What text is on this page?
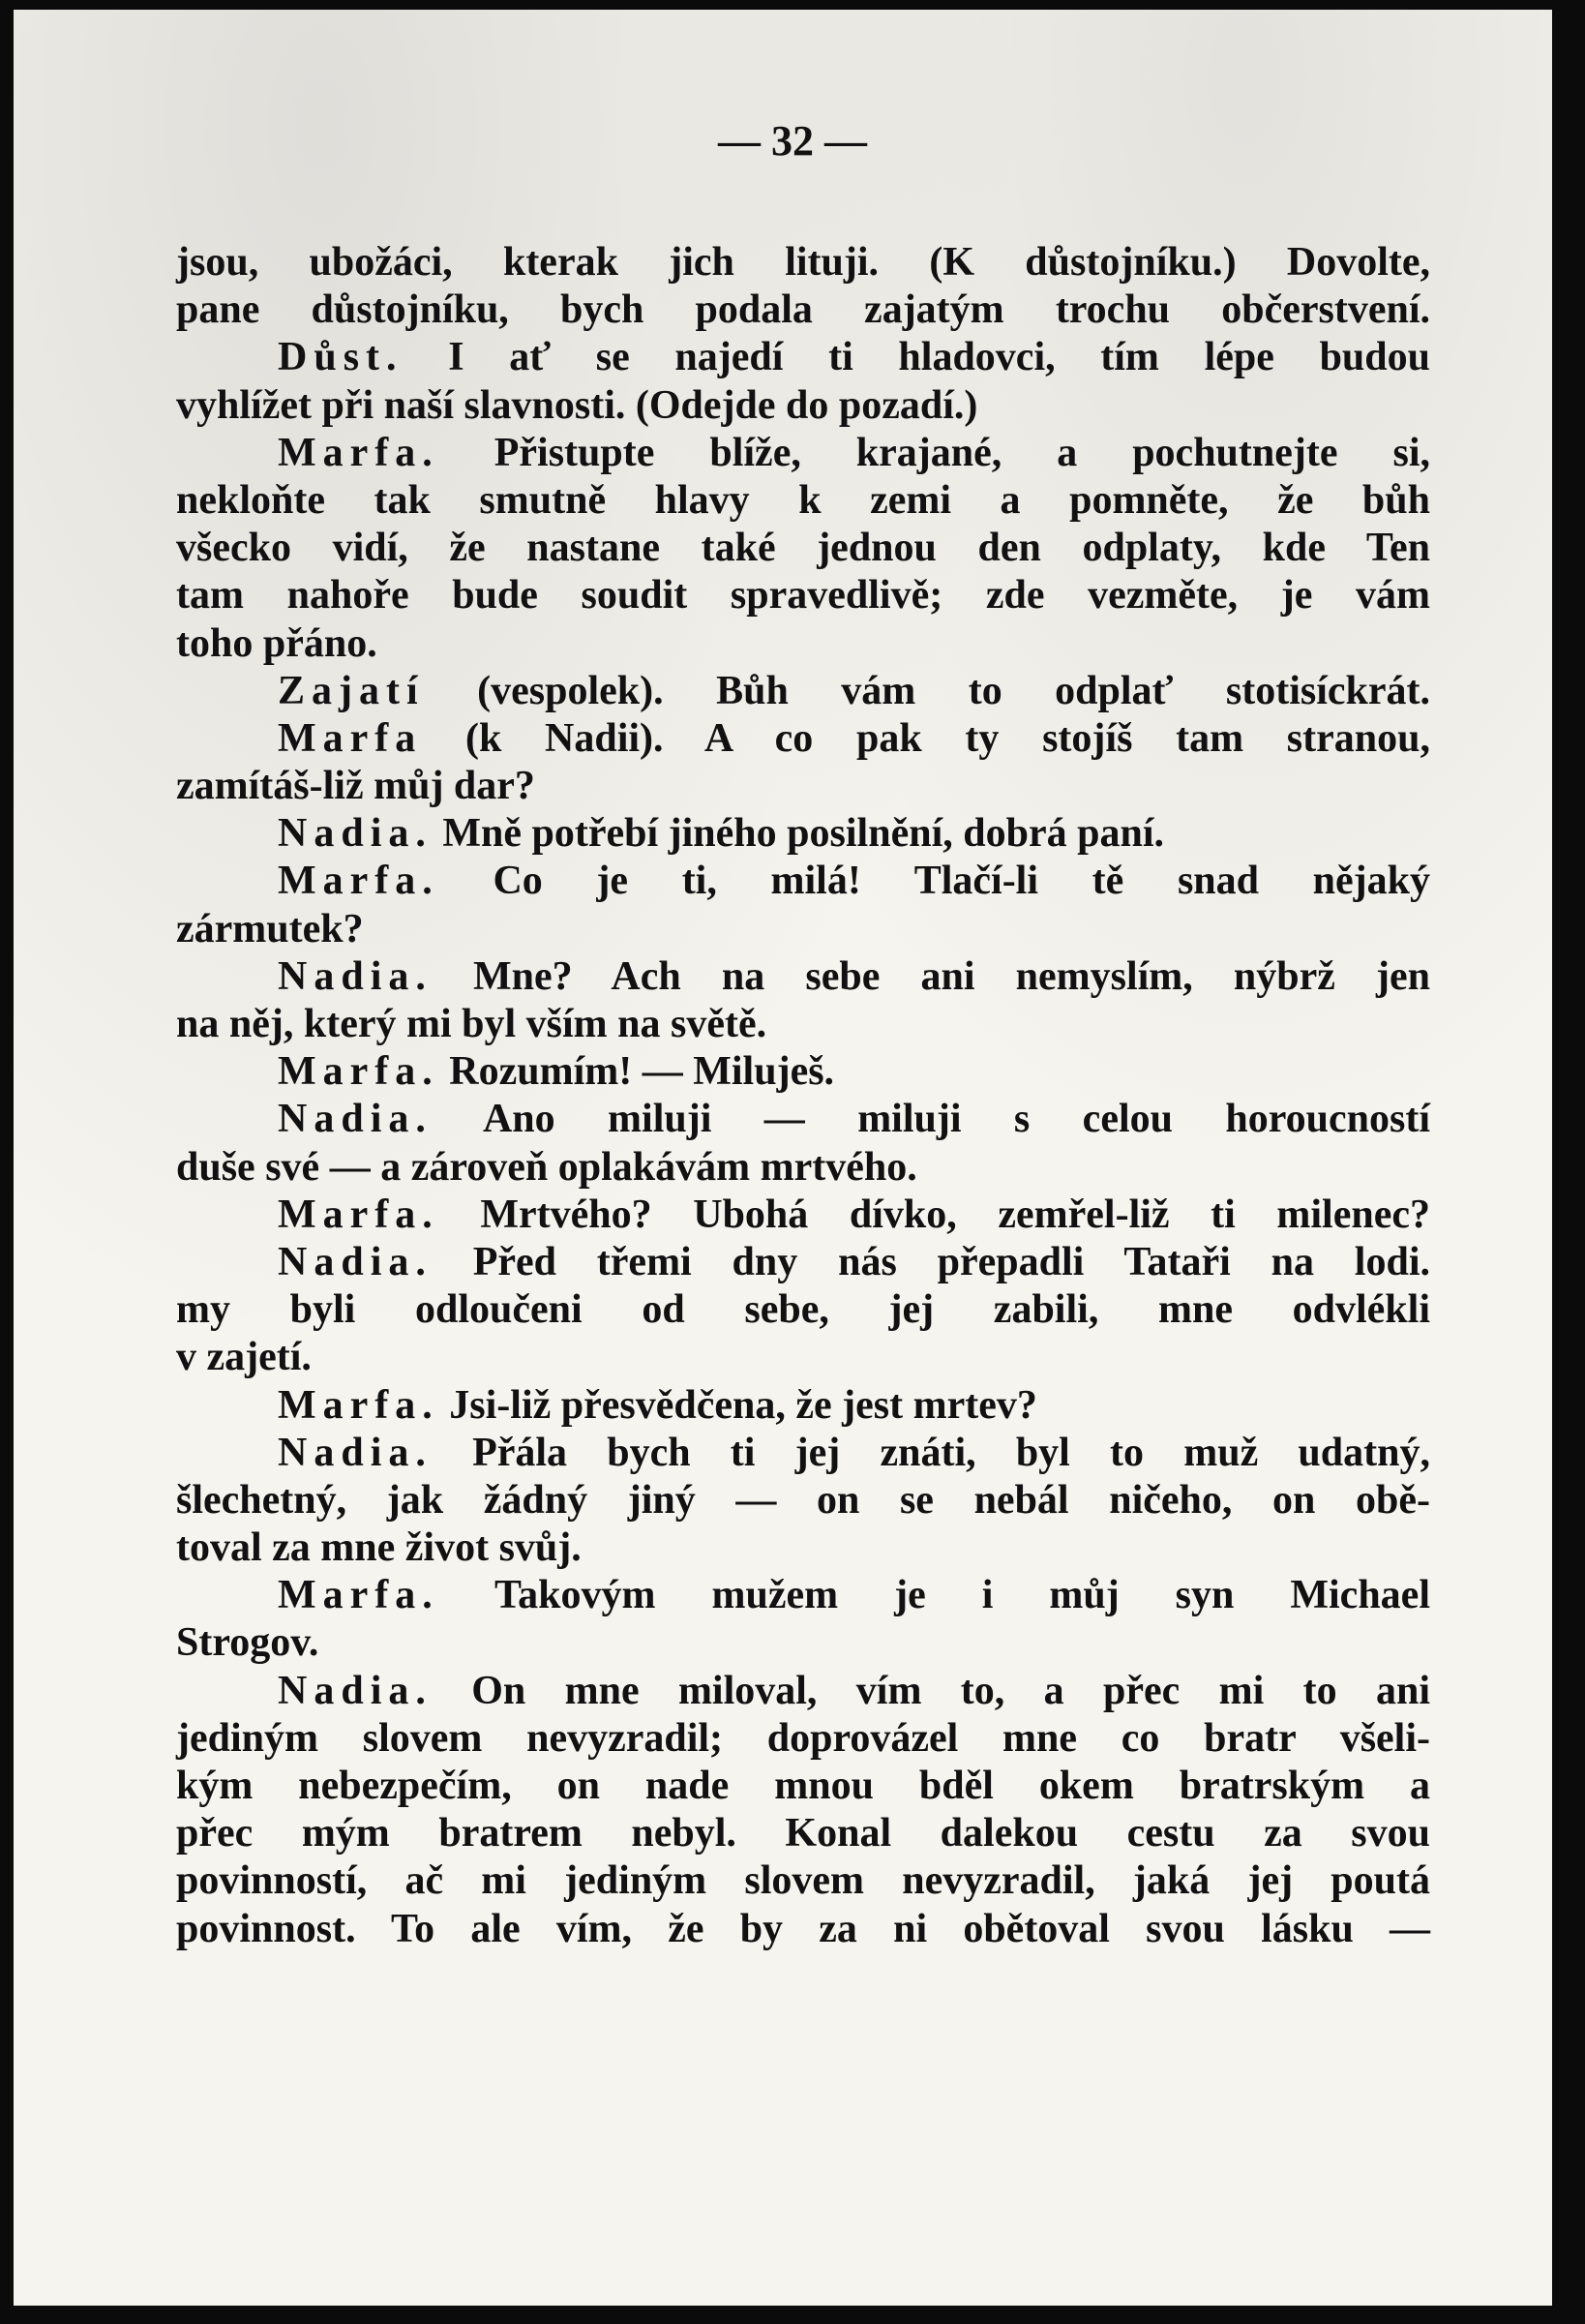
— 32 —
jsou, ubožáci, kterak jich lituji. (K důstojníku.) Dovolte,
pane důstojníku, bych podala zajatým trochu občerstvení.
Důst. I ať se najedí ti hladovci, tím lépe budou
vyhlížet při naší slavnosti. (Odejde do pozadí.)
Marfa. Přistupte blíže, krajané, a pochutnejte si,
nekloňte tak smutně hlavy k zemi a pomněte, že bůh
všecko vidí, že nastane také jednou den odplaty, kde Ten
tam nahoře bude soudit spravedlivě; zde vezměte, je vám
toho přáno.
Zajatí (vespolek). Bůh vám to odplať stotisíckrát.
Marfa (k Nadii). A co pak ty stojíš tam stranou,
zamítáš-liž můj dar?
Nadia. Mně potřebí jiného posilnění, dobrá paní.
Marfa. Co je ti, milá! Tlačí-li tě snad nějaký
zármutek?
Nadia. Mne? Ach na sebe ani nemyslím, nýbrž jen
na něj, který mi byl vším na světě.
Marfa. Rozumím! — Miluješ.
Nadia. Ano miluji — miluji s celou horoucností
duše své — a zároveň oplakávám mrtvého.
Marfa. Mrtvého? Ubohá dívko, zemřel-liž ti milenec?
Nadia. Před třemi dny nás přepadli Tataři na lodi.
my byli odloučeni od sebe, jej zabili, mne odvlékli
v zajetí.
Marfa. Jsi-liž přesvědčena, že jest mrtev?
Nadia. Přála bych ti jej znáti, byl to muž udatný,
šlechetný, jak žádný jiný — on se nebál ničeho, on obě-
toval za mne život svůj.
Marfa. Takovým mužem je i můj syn Michael
Strogov.
Nadia. On mne miloval, vím to, a přec mi to ani
jediným slovem nevyzradil; doprovázel mne co bratr všeli-
kým nebezpečím, on nade mnou bděl okem bratrským a
přec mým bratrem nebyl. Konal dalekou cestu za svou
povinností, ač mi jediným slovem nevyzradil, jaká jej poutá
povinnost. To ale vím, že by za ni obětoval svou lásku —
